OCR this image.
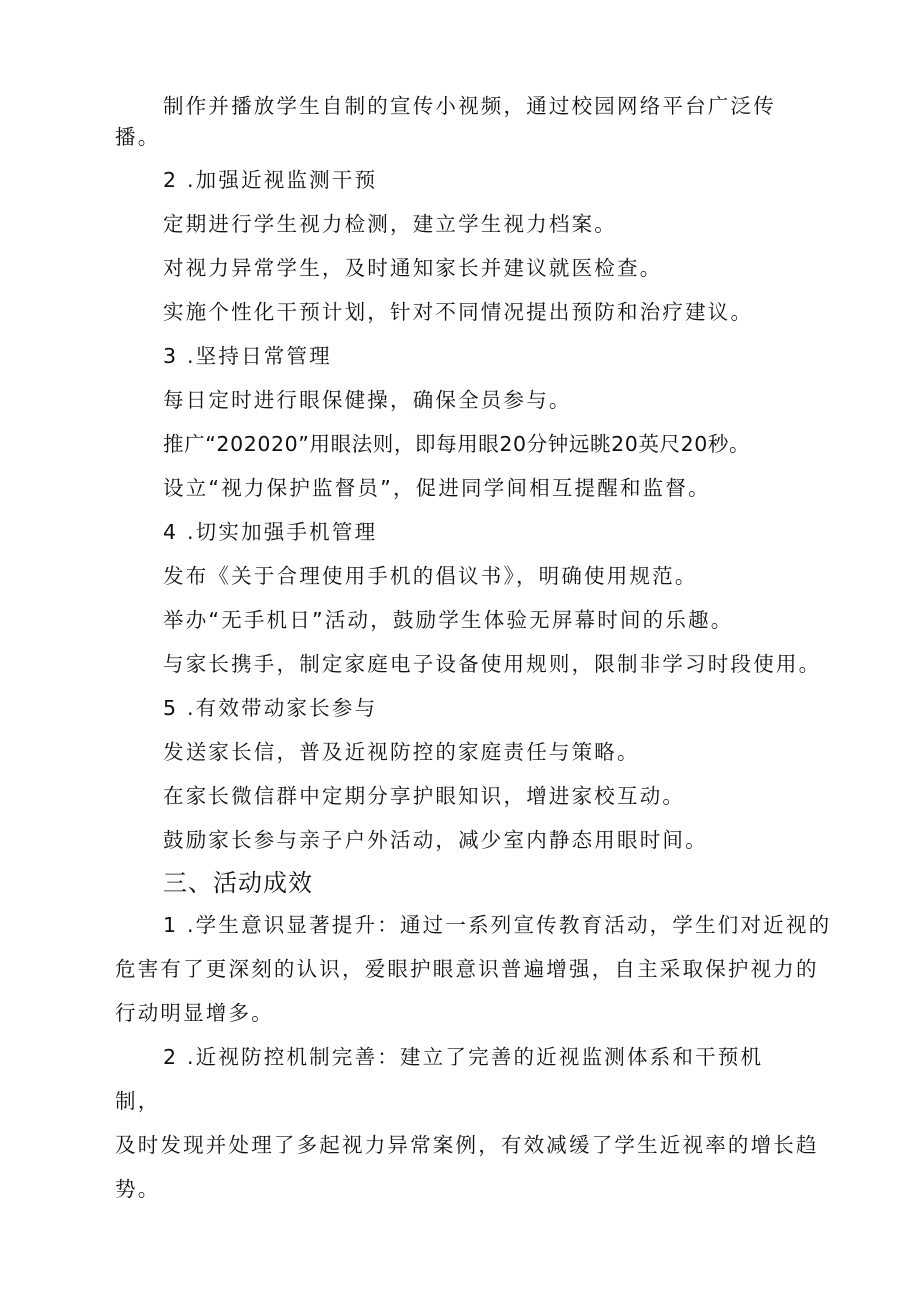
制作并播放学生自制的宣传小视频，通过校园网络平台广泛传
播。
2 .加强近视监测干预
定期进行学生视力检测，建立学生视力档案。
对视力异常学生，及时通知家长并建议就医检查。
实施个性化干预计划，针对不同情况提出预防和治疗建议。
3 .坚持日常管理
每日定时进行眼保健操，确保全员参与。
推广“202020”用眼法则，即每用眼20分钟远眺20英尺20秒。
设立“视力保护监督员”，促进同学间相互提醒和监督。
4 .切实加强手机管理
发布《关于合理使用手机的倡议书》，明确使用规范。
举办“无手机日”活动，鼓励学生体验无屏幕时间的乐趣。
与家长携手，制定家庭电子设备使用规则，限制非学习时段使用。
5 .有效带动家长参与
发送家长信，普及近视防控的家庭责任与策略。
在家长微信群中定期分享护眼知识，增进家校互动。
鼓励家长参与亲子户外活动，减少室内静态用眼时间。
三、活动成效
1 .学生意识显著提升：通过一系列宣传教育活动，学生们对近视的
危害有了更深刻的认识，爱眼护眼意识普遍增强，自主采取保护视力的
行动明显增多。
2 .近视防控机制完善：建立了完善的近视监测体系和干预机
制，
及时发现并处理了多起视力异常案例，有效减缓了学生近视率的增长趋
势。
